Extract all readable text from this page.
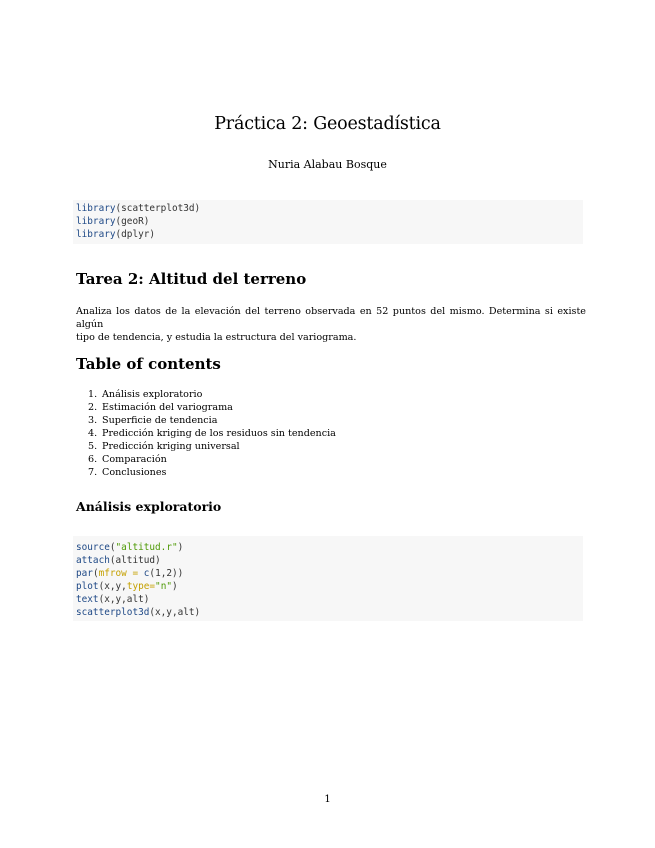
Práctica 2: Geoestadística
Nuria Alabau Bosque
library(scatterplot3d)
library(geoR)
library(dplyr)
Tarea 2: Altitud del terreno
Analiza los datos de la elevación del terreno observada en 52 puntos del mismo. Determina si existe algún
tipo de tendencia, y estudia la estructura del variograma.
Table of contents
1. Análisis exploratorio
2. Estimación del variograma
3. Superficie de tendencia
4. Predicción kriging de los residuos sin tendencia
5. Predicción kriging universal
6. Comparación
7. Conclusiones
Análisis exploratorio
source("altitud.r")
attach(altitud)
par(mfrow = c(1,2))
plot(x,y,type="n")
text(x,y,alt)
scatterplot3d(x,y,alt)
1
